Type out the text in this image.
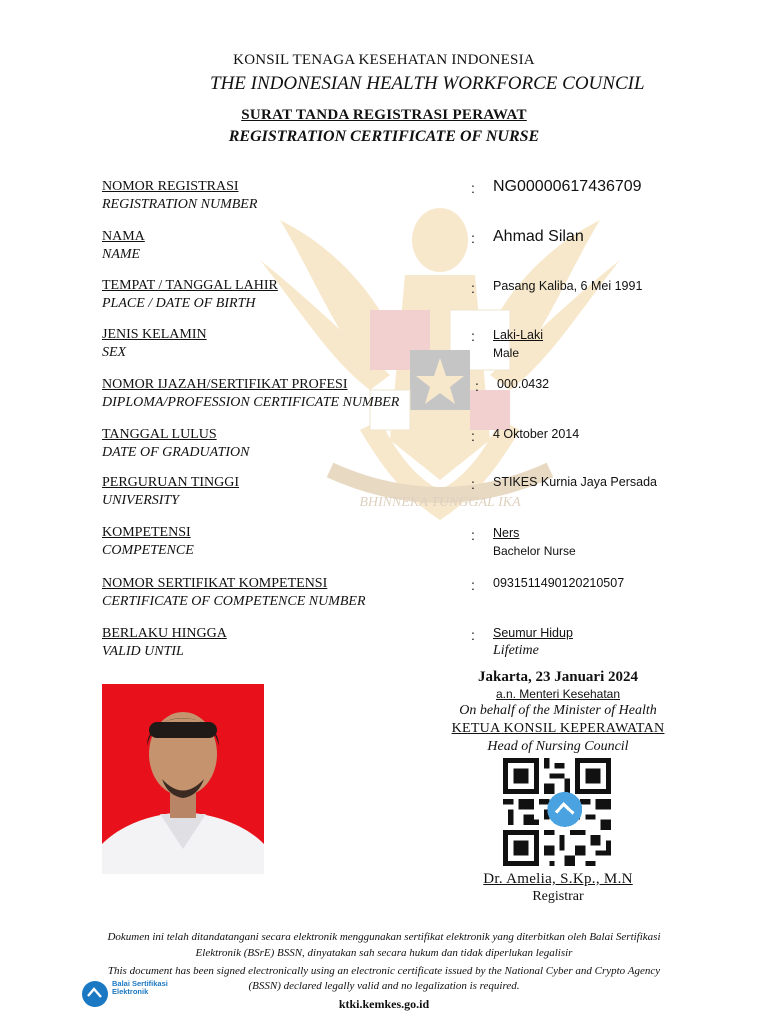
BHINNEKA TUNGGAL IKA
KONSIL TENAGA KESEHATAN INDONESIA
THE INDONESIAN HEALTH WORKFORCE COUNCIL
SURAT TANDA REGISTRASI PERAWAT
REGISTRATION CERTIFICATE OF NURSE
NOMOR REGISTRASI
REGISTRATION NUMBER
: NG00000617436709
NAMA
NAME
: Ahmad Silan
TEMPAT / TANGGAL LAHIR
PLACE / DATE OF BIRTH
: Pasang Kaliba, 6 Mei 1991
JENIS KELAMIN
SEX
: Laki-Laki
Male
NOMOR IJAZAH/SERTIFIKAT PROFESI
DIPLOMA/PROFESSION CERTIFICATE NUMBER
: 000.0432
TANGGAL LULUS
DATE OF GRADUATION
: 4 Oktober 2014
PERGURUAN TINGGI
UNIVERSITY
: STIKES Kurnia Jaya Persada
KOMPETENSI
COMPETENCE
: Ners
Bachelor Nurse
NOMOR SERTIFIKAT KOMPETENSI
CERTIFICATE OF COMPETENCE NUMBER
: 0931511490120210507
BERLAKU HINGGA
VALID UNTIL
: Seumur Hidup
Lifetime
Jakarta, 23 Januari 2024
a.n. Menteri Kesehatan
On behalf of the Minister of Health
KETUA KONSIL KEPERAWATAN
Head of Nursing Council
Dr. Amelia, S.Kp., M.N
Registrar
Dokumen ini telah ditandatangani secara elektronik menggunakan sertifikat elektronik yang diterbitkan oleh Balai Sertifikasi
Elektronik (BSrE) BSSN, dinyatakan sah secara hukum dan tidak diperlukan legalisir
This document has been signed electronically using an electronic certificate issued by the National Cyber and Crypto Agency
(BSSN) declared legally valid and no legalization is required.
Balai Sertifikasi Elektronik
ktki.kemkes.go.id
